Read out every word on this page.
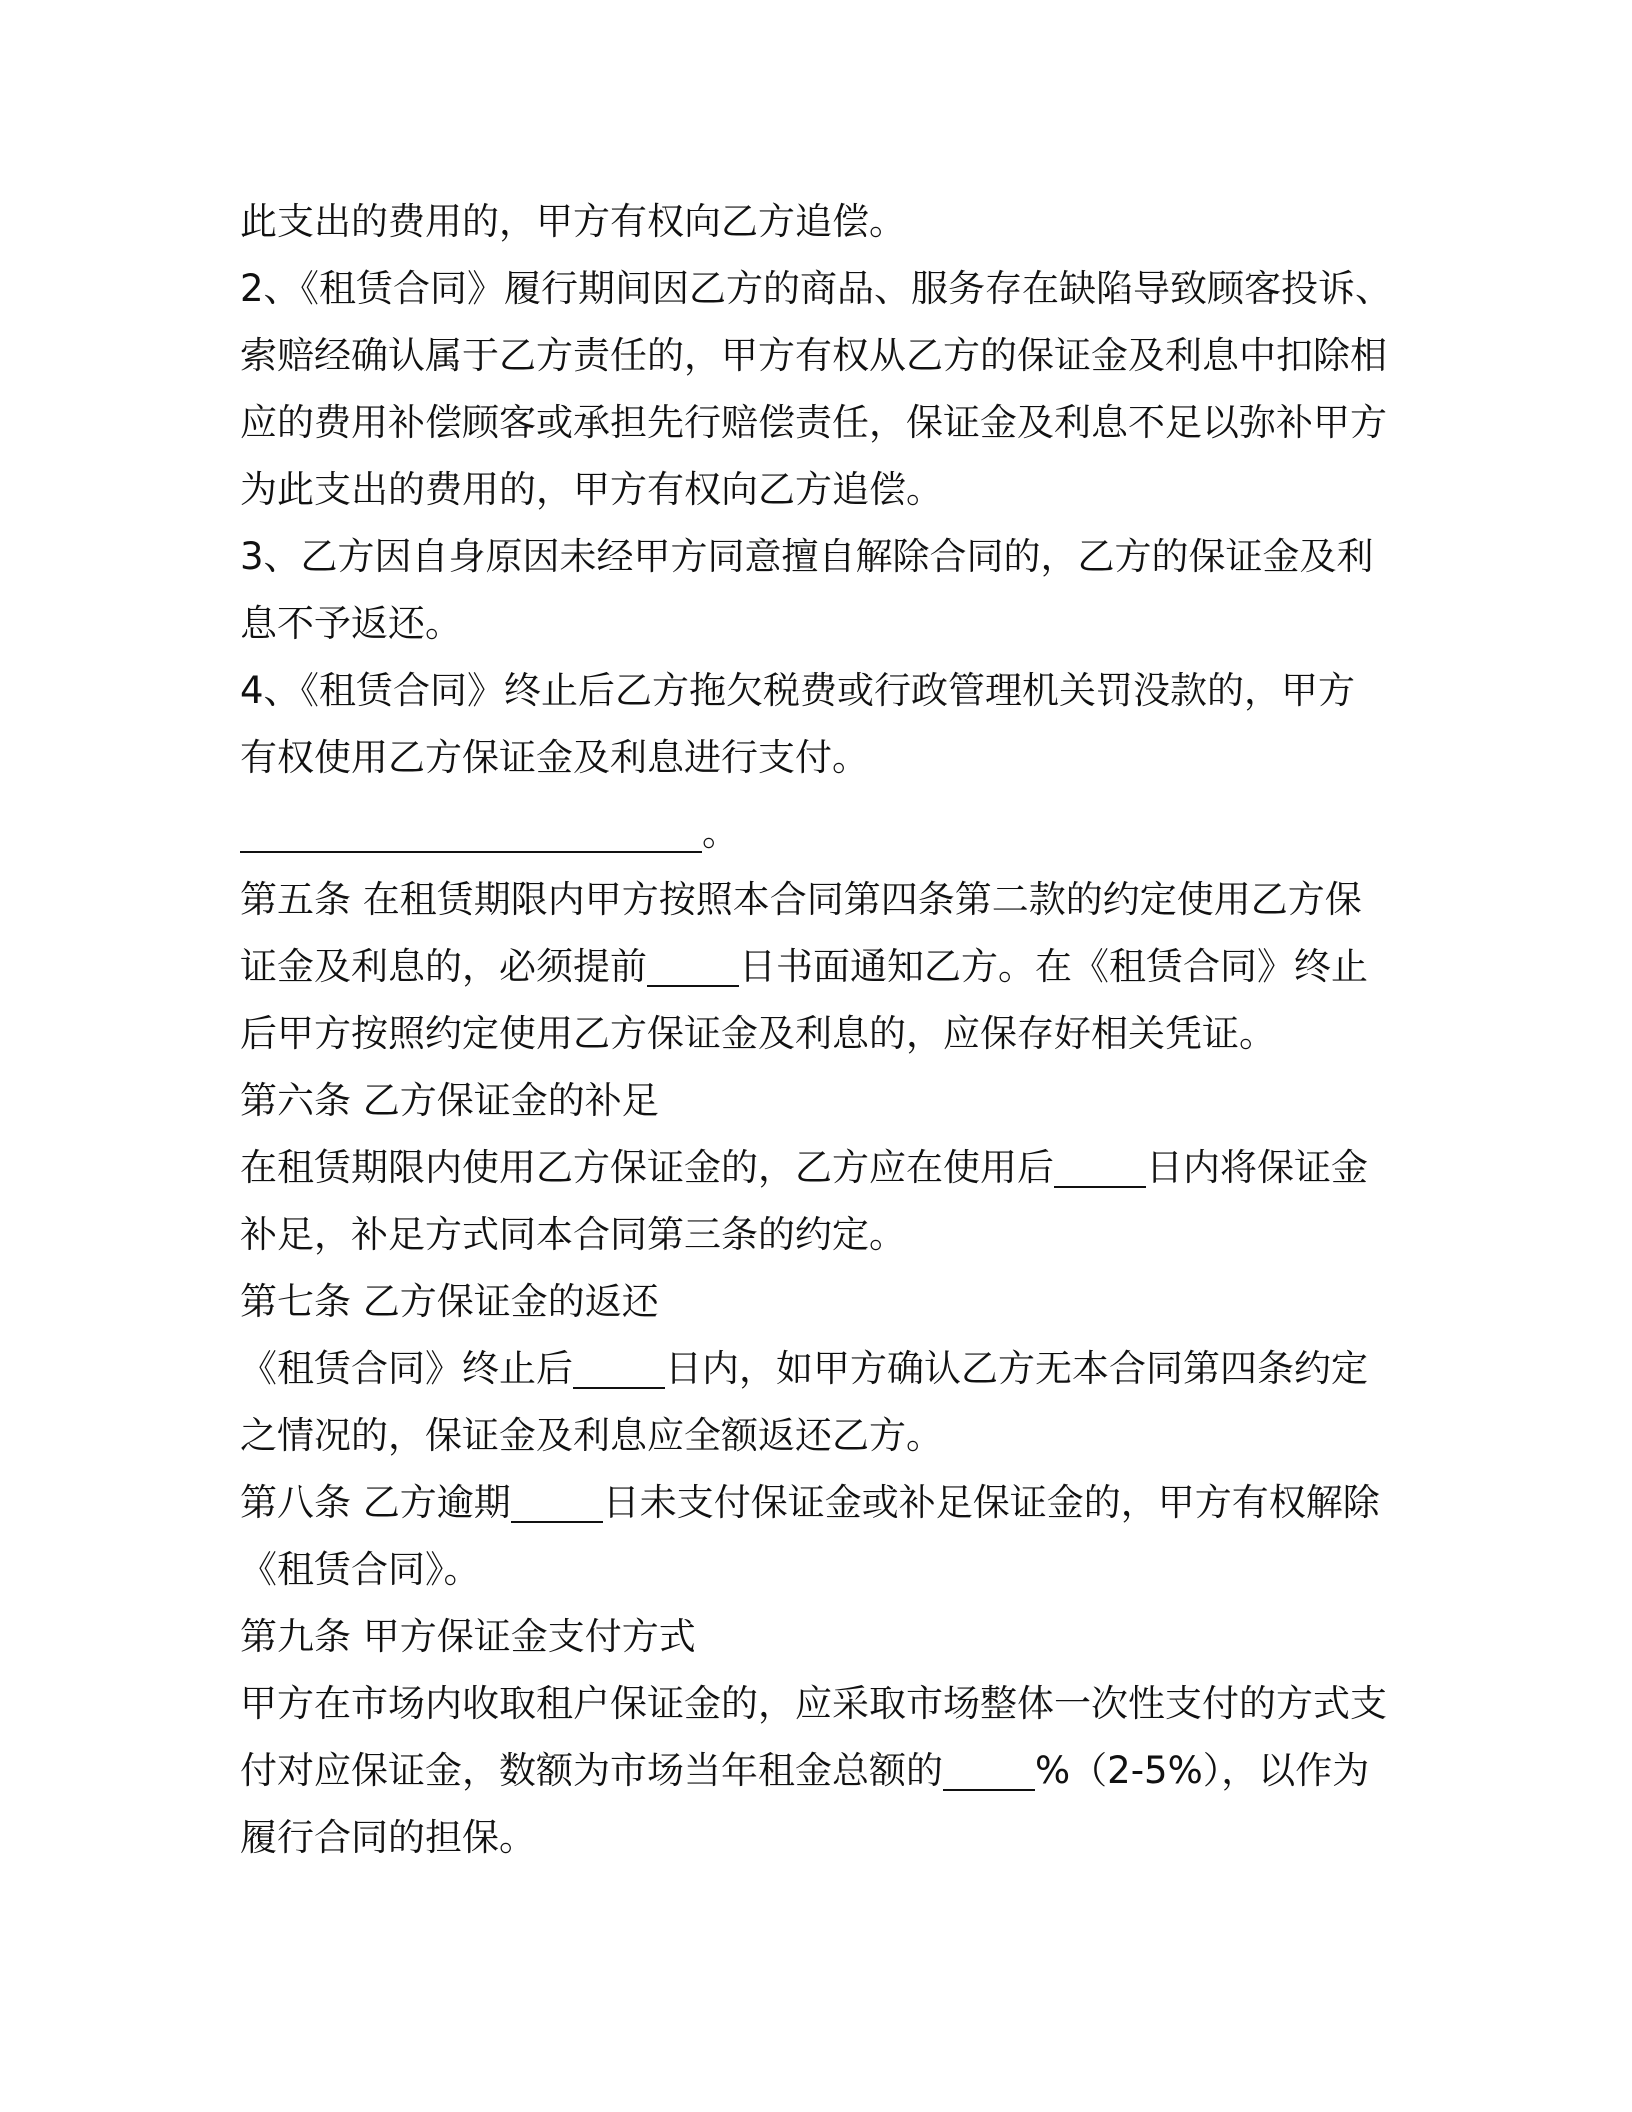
此支出的费用的，甲方有权向乙方追偿。
2、《租赁合同》履行期间因乙方的商品、服务存在缺陷导致顾客投诉、
索赔经确认属于乙方责任的，甲方有权从乙方的保证金及利息中扣除相
应的费用补偿顾客或承担先行赔偿责任，保证金及利息不足以弥补甲方
为此支出的费用的，甲方有权向乙方追偿。
3、乙方因自身原因未经甲方同意擅自解除合同的，乙方的保证金及利
息不予返还。
4、《租赁合同》终止后乙方拖欠税费或行政管理机关罚没款的，甲方
有权使用乙方保证金及利息进行支付。
。
第五条 在租赁期限内甲方按照本合同第四条第二款的约定使用乙方保
证金及利息的，必须提前 日书面通知乙方。在《租赁合同》终止
后甲方按照约定使用乙方保证金及利息的，应保存好相关凭证。
第六条 乙方保证金的补足
在租赁期限内使用乙方保证金的，乙方应在使用后 日内将保证金
补足，补足方式同本合同第三条的约定。
第七条 乙方保证金的返还
《租赁合同》终止后 日内，如甲方确认乙方无本合同第四条约定
之情况的，保证金及利息应全额返还乙方。
第八条 乙方逾期 日未支付保证金或补足保证金的，甲方有权解除
《租赁合同》。
第九条 甲方保证金支付方式
甲方在市场内收取租户保证金的，应采取市场整体一次性支付的方式支
付对应保证金，数额为市场当年租金总额的 %（2-5%），以作为
履行合同的担保。
